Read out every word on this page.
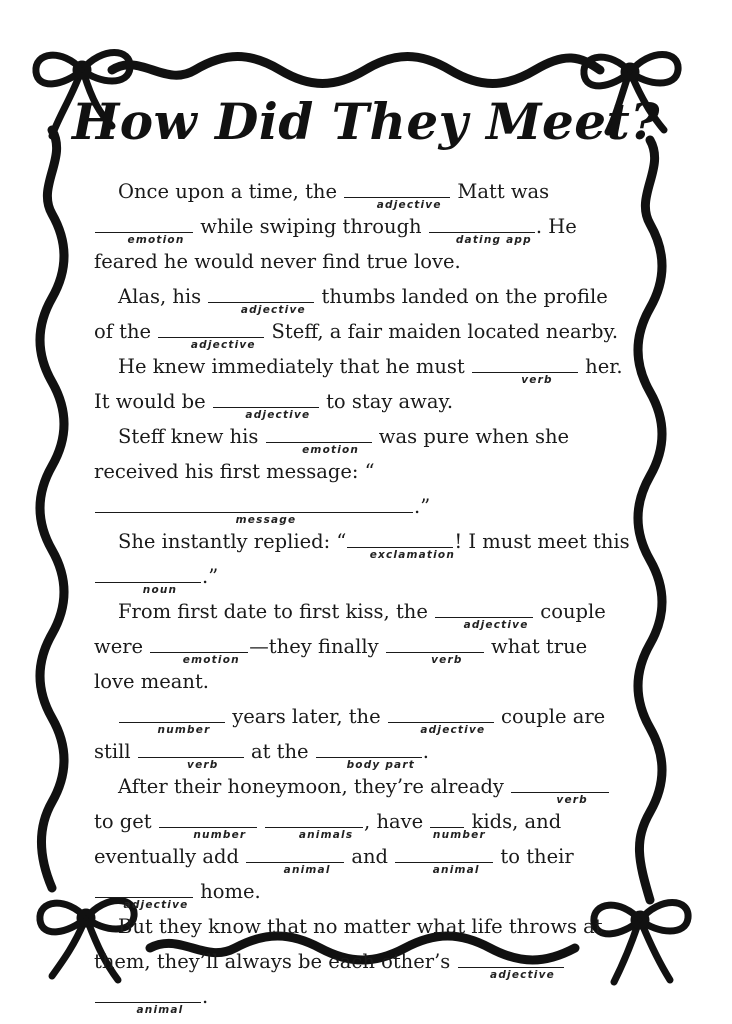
How Did They Meet?

Once upon a time, the
adjective
Matt was
emotion
while swiping through
dating app
. He feared he would never find true love.

Alas, his
adjective
thumbs landed on the profile of the
adjective
Steff, a fair maiden located nearby.

He knew immediately that he must
verb
her. It would be
adjective
to stay away.

Steff knew his
emotion
was pure when she received his first message: “
message
.”

She instantly replied: “
exclamation
! I must meet this
noun
.”

From first date to first kiss, the
adjective
couple were
emotion
—they finally
verb
what true love meant.

number
years later, the
adjective
couple are still
verb
at the
body part
.

After their honeymoon, they’re already
verb
to get
number
	animals
, have
number
kids, and eventually add
animal
and
animal
to their
adjective
home.

But they know that no matter what life throws at them, they’ll always be each other’s
adjective

animal
.
